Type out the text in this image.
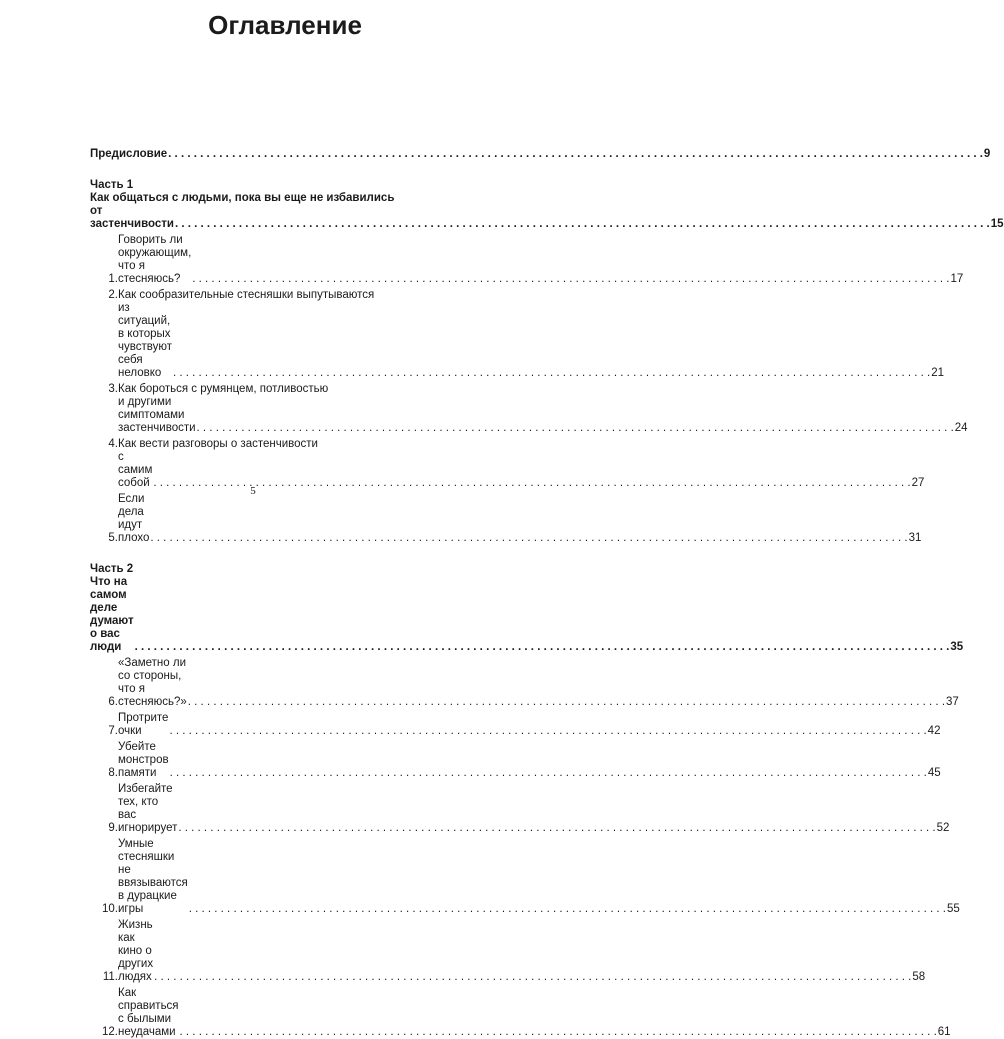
Оглавление
Предисловие . . .	9

Часть 1

Как общаться с людьми, пока вы еще не избавились
от застенчивости . . .	15
1.
Говорить ли окружающим, что я стесняюсь? . . .	17
2. Как сообразительные стесняшки выпутываются
из ситуаций, в которых чувствуют себя неловко . . .	21
3. Как бороться с румянцем, потливостью
и другими симптомами застенчивости . . .	24
4. Как вести разговоры о застенчивости
с самим собой . . .	27
5.
Если дела идут плохо . . .	31

Часть 2

Что на самом деле думают о вас люди . . .	35
6.
«Заметно ли со стороны, что я стесняюсь?» . . .	37
7.
Протрите очки . . .	42
8.
Убейте монстров памяти . . .	45
9.
Избегайте тех, кто вас игнорирует . . .	52
10.
Умные стесняшки не ввязываются в дурацкие игры . . .	55
11.
Жизнь как кино о других людях . . .	58
12.
Как справиться с былыми неудачами . . .	61
5
